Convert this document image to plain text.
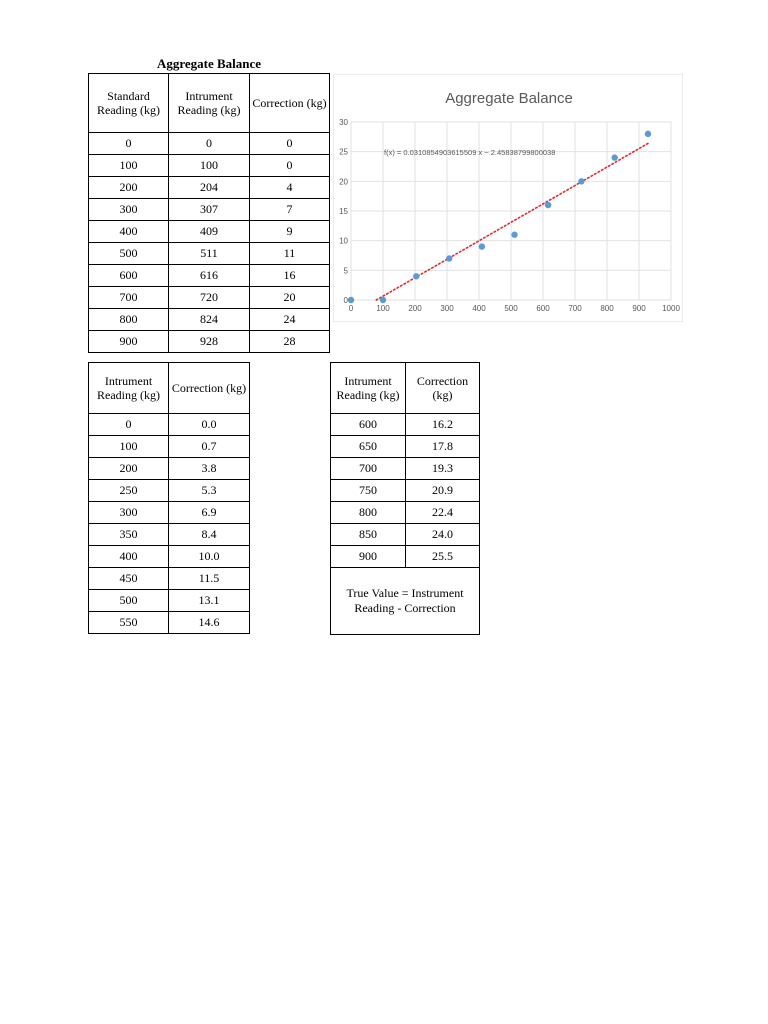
Aggregate Balance
Standard Reading (kg)	Intrument Reading (kg)	Correction (kg)
0	0	0
100	100	0
200	204	4
300	307	7
400	409	9
500	511	11
600	616	16
700	720	20
800	824	24
900	928	28
Aggregate Balance
0
5
10
15
20
25
30
0	100 200 300 400 500 600 700 800 900 1000
f(x) = 0.0310854903615509 x − 2.45838799800038
Intrument Reading (kg)	Correction (kg)
0	0.0
100	0.7
200	3.8
250	5.3
300	6.9
350	8.4
400	10.0
450	11.5
500	13.1
550	14.6
Intrument Reading (kg)	Correction (kg)
600	16.2
650	17.8
700	19.3
750	20.9
800	22.4
850	24.0
900	25.5
True Value = Instrument Reading - Correction	
